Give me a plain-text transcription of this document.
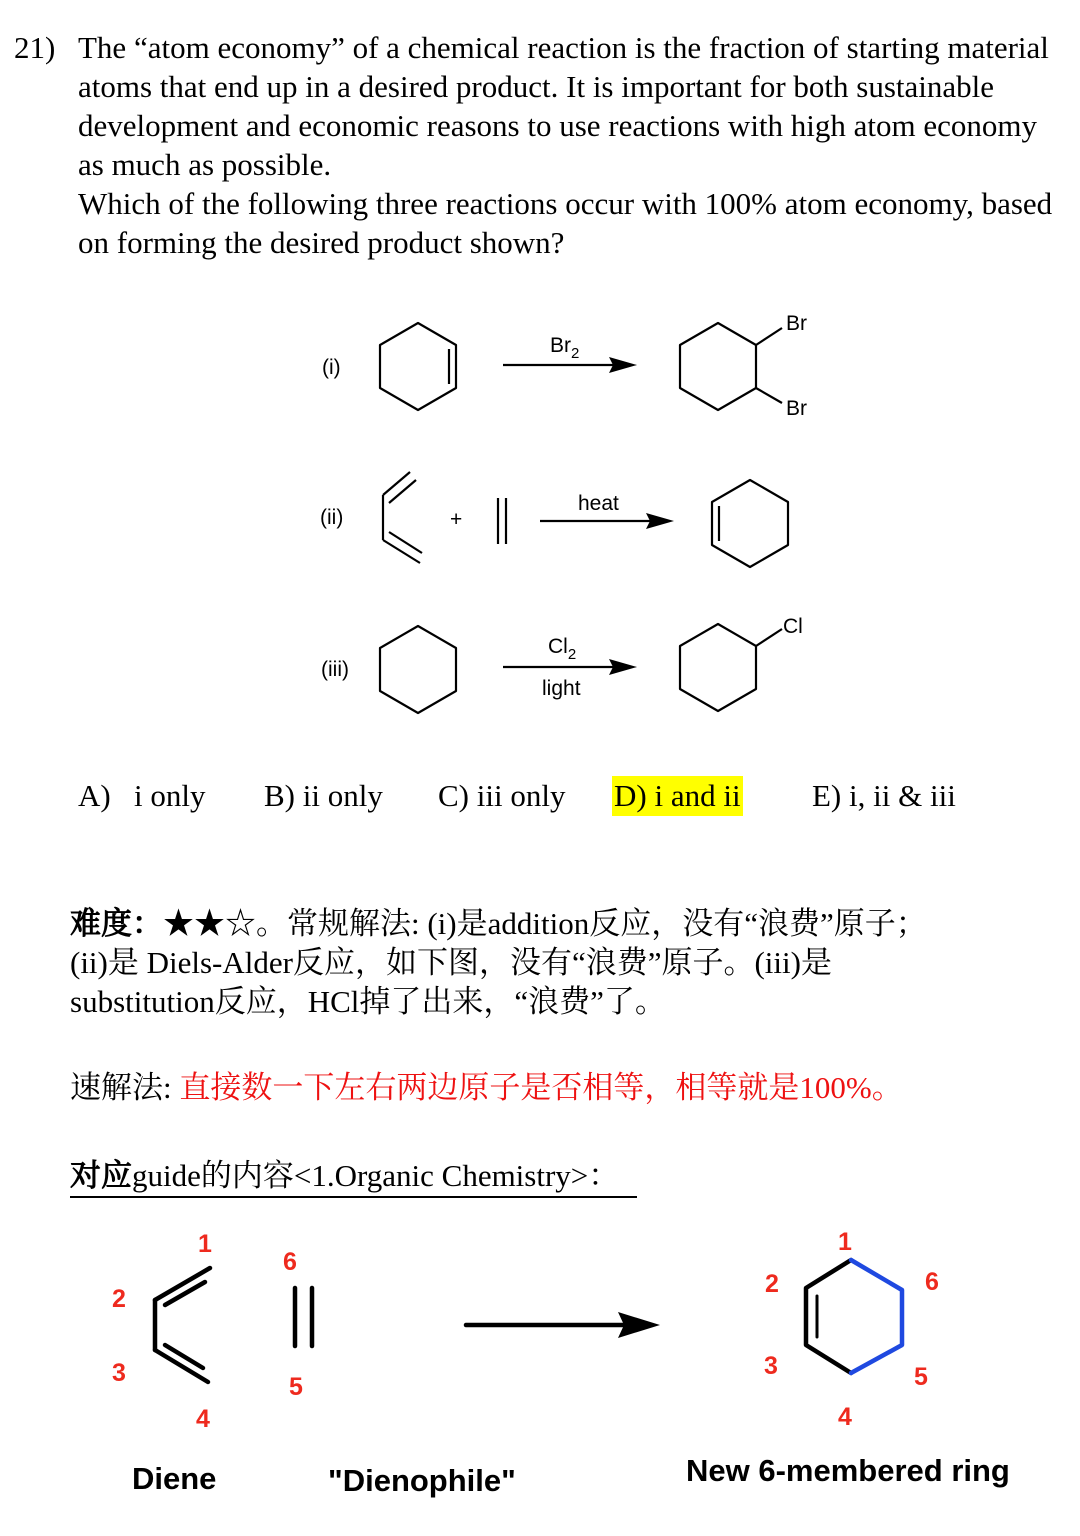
21) The “atom economy” of a chemical reaction is the fraction of starting material atoms that end up in a desired product. It is important for both sustainable development and economic reasons to use reactions with high atom economy as much as possible.

Which of the following three reactions occur with 100% atom economy, based on forming the desired product shown?

(i)
$Br_2$
Br
Br
(ii)	+
heat
(iii)
$Cl_2$
light
Cl
A) i only B) ii only C) iii only D) i and ii E) i, ii & iii

难度：★★☆。常规解法: (i)是addition反应，没有“浪费”原子；

(ii)是 Diels-Alder反应，如下图，没有“浪费”原子。(iii)是

substitution反应，HCl掉了出来，“浪费”了。

速解法: 直接数一下左右两边原子是否相等，相等就是100%。
对应guide的内容<1.Organic Chemistry>：
1
2
3
4
6
5
1
2
3
4
5
6
Diene	"Dienophile"	New 6-membered ring
